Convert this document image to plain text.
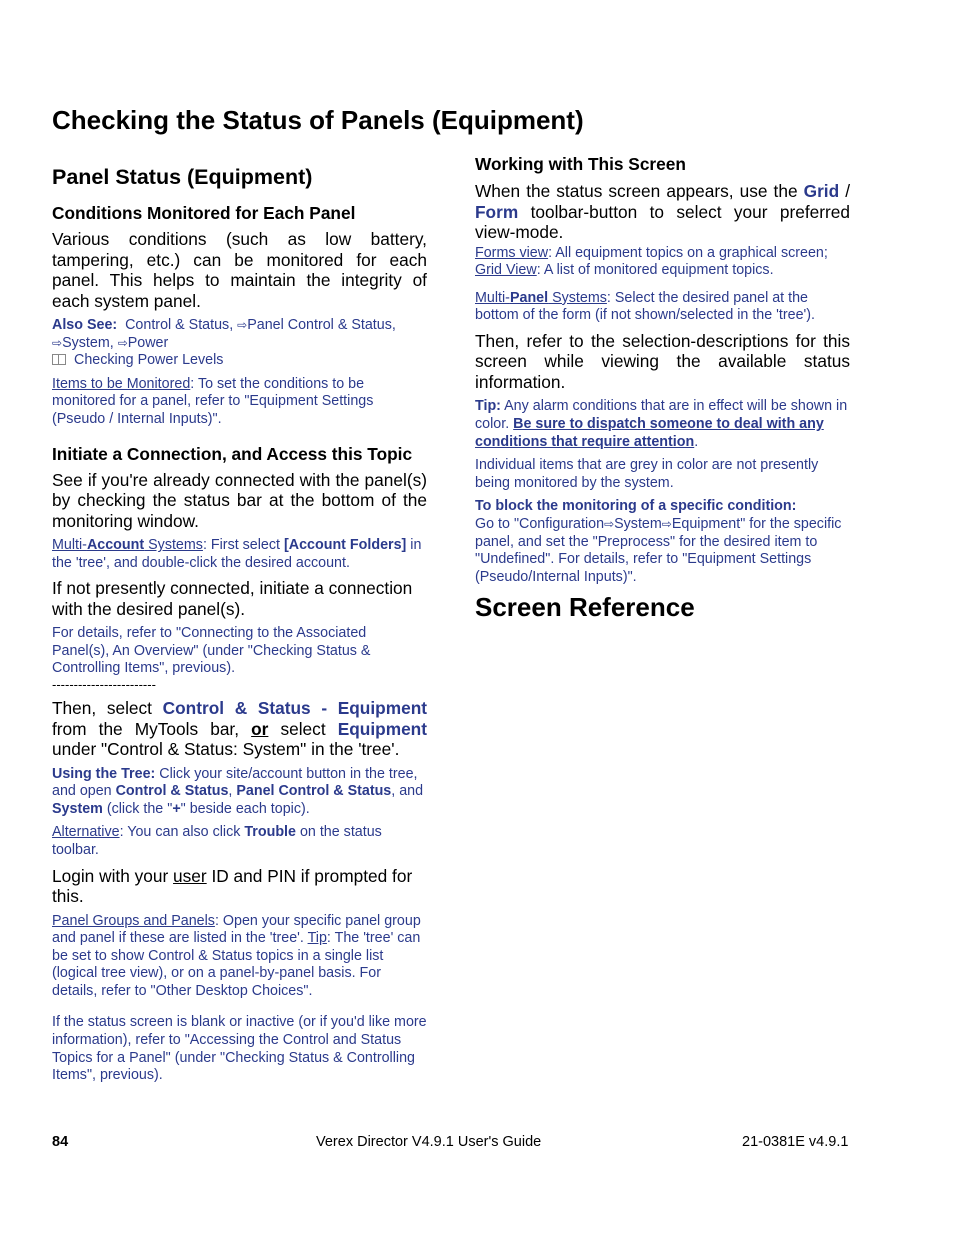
Checking the Status of Panels (Equipment)
Panel Status (Equipment)
Conditions Monitored for Each Panel

Various conditions (such as low battery, tampering, etc.) can be monitored for each panel. This helps to maintain the integrity of each system panel.

Also See: Control & Status, ⇨Panel Control & Status,
⇨System, ⇨Power
Checking Power Levels
Items to be Monitored: To set the conditions to be monitored for a panel, refer to "Equipment Settings (Pseudo / Internal Inputs)".
Initiate a Connection, and Access this Topic

See if you're already connected with the panel(s) by checking the status bar at the bottom of the monitoring window.

Multi-Account Systems: First select [Account Folders] in the 'tree', and double-click the desired account.

If not presently connected, initiate a connection with the desired panel(s).

For details, refer to "Connecting to the Associated Panel(s), An Overview" (under "Checking Status & Controlling Items", previous).
------------------------

Then, select Control & Status - Equipment from the MyTools bar, or select Equipment under "Control & Status: System" in the 'tree'.

Using the Tree: Click your site/account button in the tree, and open Control & Status, Panel Control & Status, and System (click the "+" beside each topic).
Alternative: You can also click Trouble on the status toolbar.

Login with your user ID and PIN if prompted for this.

Panel Groups and Panels: Open your specific panel group and panel if these are listed in the 'tree'. Tip: The 'tree' can be set to show Control & Status topics in a single list (logical tree view), or on a panel-by-panel basis. For details, refer to "Other Desktop Choices".
If the status screen is blank or inactive (or if you'd like more information), refer to "Accessing the Control and Status Topics for a Panel" (under "Checking Status & Controlling Items", previous).
Working with This Screen

When the status screen appears, use the Grid / Form toolbar-button to select your preferred view-mode.

Forms view: All equipment topics on a graphical screen;
Grid View: A list of monitored equipment topics.
Multi-Panel Systems: Select the desired panel at the bottom of the form (if not shown/selected in the 'tree').

Then, refer to the selection-descriptions for this screen while viewing the available status information.

Tip: Any alarm conditions that are in effect will be shown in color. Be sure to dispatch someone to deal with any conditions that require attention.
Individual items that are grey in color are not presently being monitored by the system.
To block the monitoring of a specific condition:
Go to "Configuration⇨System⇨Equipment" for the specific panel, and set the "Preprocess" for the desired item to "Undefined". For details, refer to "Equipment Settings (Pseudo/Internal Inputs)".
Screen Reference
84	Verex Director V4.9.1 User's Guide	21-0381E v4.9.1
